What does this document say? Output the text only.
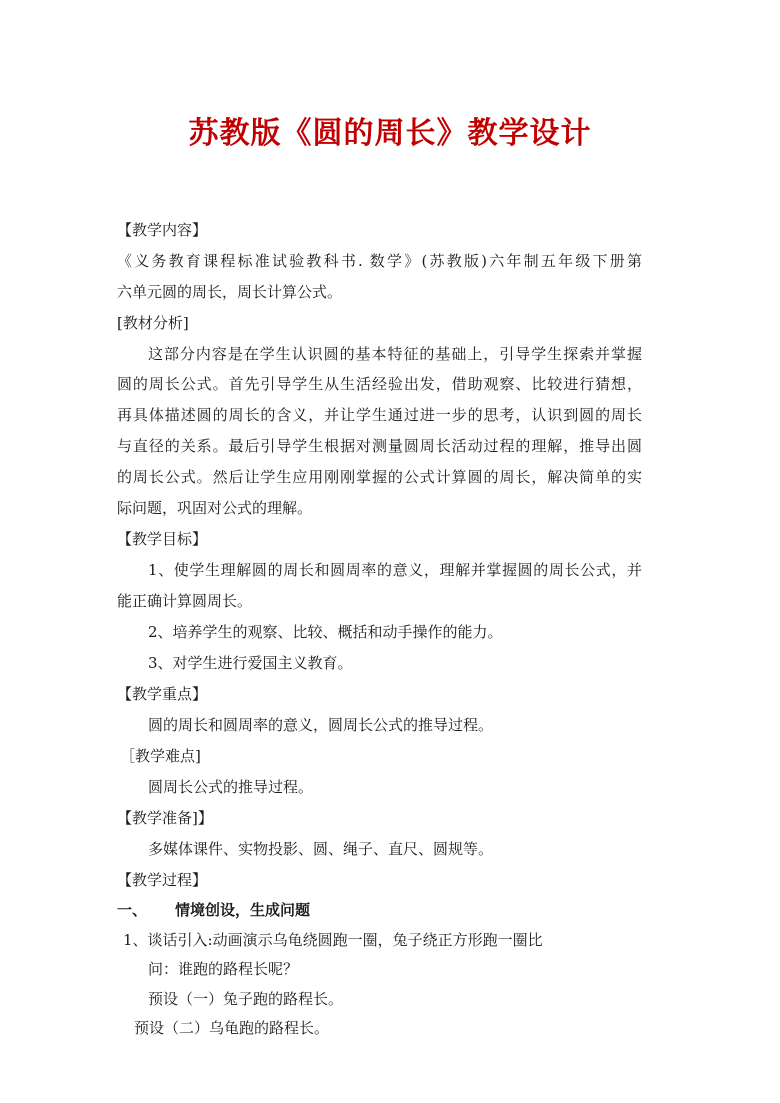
苏教版《圆的周长》教学设计
【教学内容】
《义务教育课程标准试验教科书. 数学》(苏教版)六年制五年级下册第
六单元圆的周长，周长计算公式。
[教材分析]
这部分内容是在学生认识圆的基本特征的基础上，引导学生探索并掌握
圆的周长公式。首先引导学生从生活经验出发，借助观察、比较进行猜想，
再具体描述圆的周长的含义，并让学生通过进一步的思考，认识到圆的周长
与直径的关系。最后引导学生根据对测量圆周长活动过程的理解，推导出圆
的周长公式。然后让学生应用刚刚掌握的公式计算圆的周长，解决简单的实
际问题，巩固对公式的理解。
【教学目标】
1、使学生理解圆的周长和圆周率的意义，理解并掌握圆的周长公式，并
能正确计算圆周长。
2、培养学生的观察、比较、概括和动手操作的能力。
3、对学生进行爱国主义教育。
【教学重点】
圆的周长和圆周率的意义，圆周长公式的推导过程。
［教学难点]
圆周长公式的推导过程。
【教学准备]】
多媒体课件、实物投影、圆、绳子、直尺、圆规等。
【教学过程】
一、 情境创设，生成问题
1、谈话引入:动画演示乌龟绕圆跑一圈，兔子绕正方形跑一圈比
问：谁跑的路程长呢？
预设（一）兔子跑的路程长。
预设（二）乌龟跑的路程长。
